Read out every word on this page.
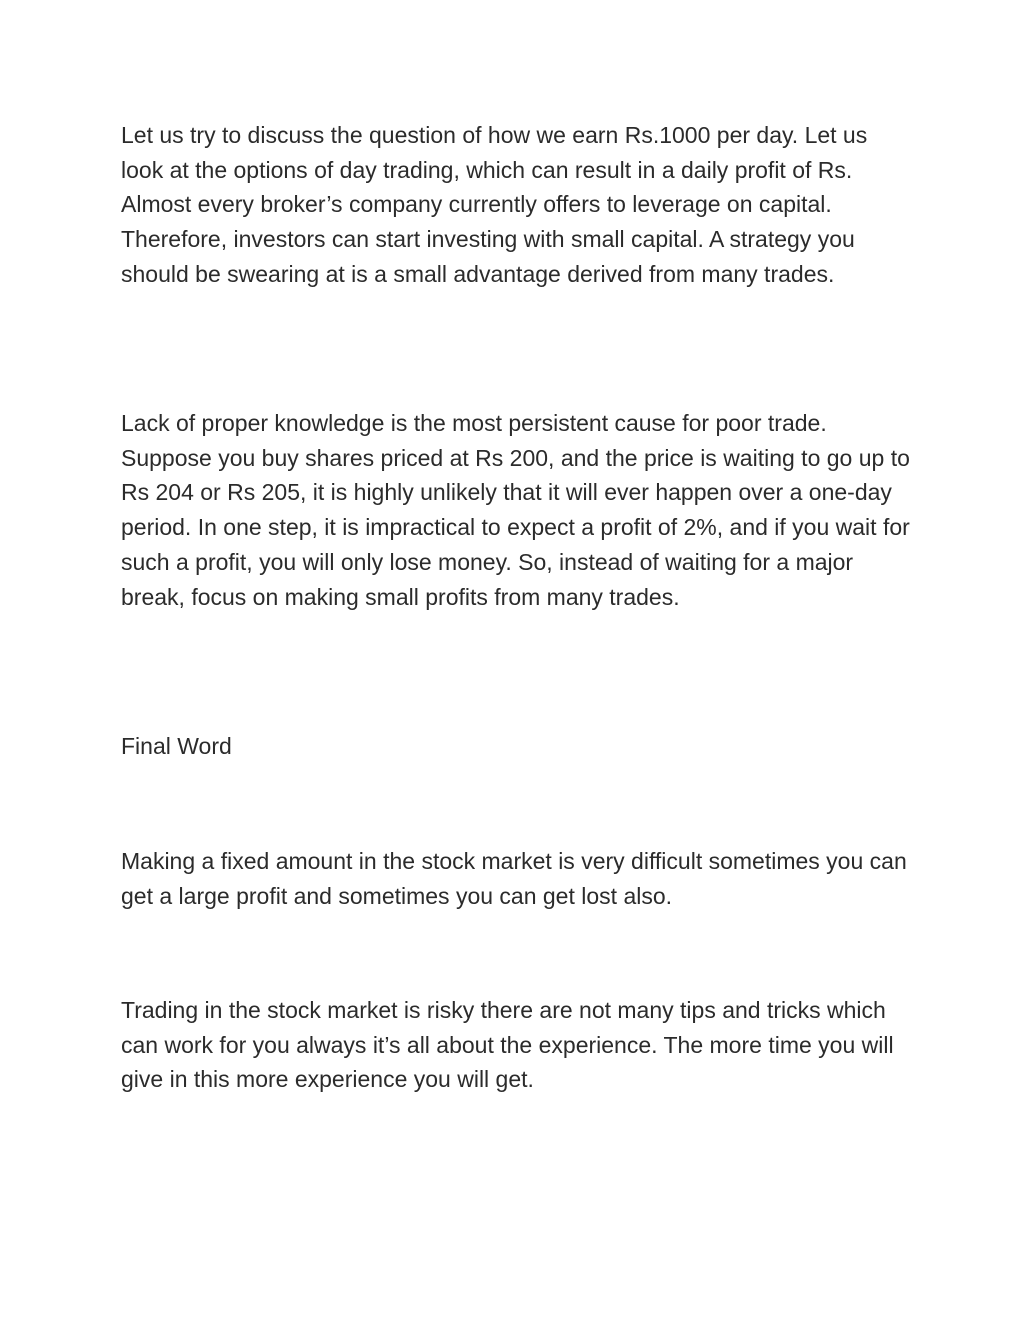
Let us try to discuss the question of how we earn Rs.1000 per day. Let us look at the options of day trading, which can result in a daily profit of Rs. Almost every broker’s company currently offers to leverage on capital. Therefore, investors can start investing with small capital. A strategy you should be swearing at is a small advantage derived from many trades.

Lack of proper knowledge is the most persistent cause for poor trade. Suppose you buy shares priced at Rs 200, and the price is waiting to go up to Rs 204 or Rs 205, it is highly unlikely that it will ever happen over a one-day period. In one step, it is impractical to expect a profit of 2%, and if you wait for such a profit, you will only lose money. So, instead of waiting for a major break, focus on making small profits from many trades.

Final Word

Making a fixed amount in the stock market is very difficult sometimes you can get a large profit and sometimes you can get lost also.

Trading in the stock market is risky there are not many tips and tricks which can work for you always it’s all about the experience. The more time you will give in this more experience you will get.
